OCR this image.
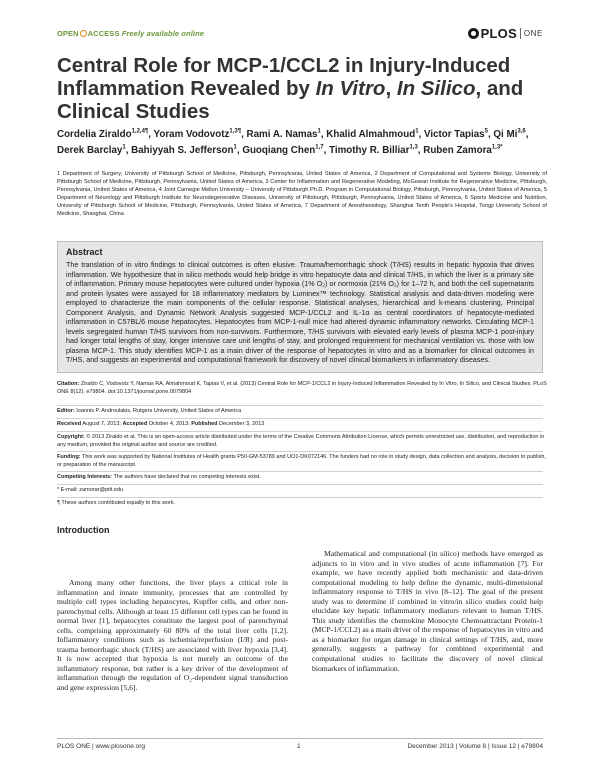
OPEN ACCESS Freely available online	PLOS ONE
Central Role for MCP-1/CCL2 in Injury-Induced Inflammation Revealed by In Vitro, In Silico, and Clinical Studies
Cordelia Ziraldo$^{1,2,4\P}$, Yoram Vodovotz$^{1,3\P}$, Rami A. Namas$^1$, Khalid Almahmoud$^1$, Victor Tapias$^5$, Qi Mi$^{3,6}$, Derek Barclay$^1$, Bahiyyah S. Jefferson$^1$, Guoqiang Chen$^{1,7}$, Timothy R. Billiar$^{1,3}$, Ruben Zamora$^{1,3*}$
1 Department of Surgery, University of Pittsburgh School of Medicine, Pittsburgh, Pennsylvania, United States of America, 2 Department of Computational and Systems Biology, University of Pittsburgh School of Medicine, Pittsburgh, Pennsylvania, United States of America, 3 Center for Inflammation and Regenerative Modeling, McGowan Institute for Regenerative Medicine, Pittsburgh, Pennsylvania, United States of America, 4 Joint Carnegie Mellon University – University of Pittsburgh Ph.D. Program in Computational Biology, Pittsburgh, Pennsylvania, United States of America, 5 Department of Neurology and Pittsburgh Institute for Neurodegenerative Diseases, University of Pittsburgh, Pittsburgh, Pennsylvania, United States of America, 6 Sports Medicine and Nutrition, University of Pittsburgh School of Medicine, Pittsburgh, Pennsylvania, United States of America, 7 Department of Anesthesiology, Shanghai Tenth People's Hospital, Tongji University School of Medicine, Shanghai, China
Abstract
The translation of in vitro findings to clinical outcomes is often elusive. Trauma/hemorrhagic shock (T/HS) results in hepatic hypoxia that drives inflammation. We hypothesize that in silico methods would help bridge in vitro hepatocyte data and clinical T/HS, in which the liver is a primary site of inflammation. Primary mouse hepatocytes were cultured under hypoxia (1% O₂) or normoxia (21% O₂) for 1–72 h, and both the cell supernatants and protein lysates were assayed for 18 inflammatory mediators by Luminex™ technology. Statistical analysis and data-driven modeling were employed to characterize the main components of the cellular response. Statistical analyses, hierarchical and k-means clustering, Principal Component Analysis, and Dynamic Network Analysis suggested MCP-1/CCL2 and IL-1α as central coordinators of hepatocyte-mediated inflammation in C57BL/6 mouse hepatocytes. Hepatocytes from MCP-1-null mice had altered dynamic inflammatory networks. Circulating MCP-1 levels segregated human T/HS survivors from non-survivors. Furthermore, T/HS survivors with elevated early levels of plasma MCP-1 post-injury had longer total lengths of stay, longer intensive care unit lengths of stay, and prolonged requirement for mechanical ventilation vs. those with low plasma MCP-1. This study identifies MCP-1 as a main driver of the response of hepatocytes in vitro and as a biomarker for clinical outcomes in T/HS, and suggests an experimental and computational framework for discovery of novel clinical biomarkers in inflammatory diseases.
Citation: Ziraldo C, Vodovotz Y, Namas RA, Almahmoud K, Tapias V, et al. (2013) Central Role for MCP-1/CCL2 in Injury-Induced Inflammation Revealed by In Vitro, In Silico, and Clinical Studies. PLoS ONE 8(12): e79804. doi:10.1371/journal.pone.0079804
Editor: Ioannis P. Androulakis, Rutgers University, United States of America
Received August 7, 2013; Accepted October 4, 2013; Published December 3, 2013
Copyright: © 2013 Ziraldo et al. This is an open-access article distributed under the terms of the Creative Commons Attribution License, which permits unrestricted use, distribution, and reproduction in any medium, provided the original author and source are credited.
Funding: This work was supported by National Institutes of Health grants P50-GM-53789 and UO1-DK072146. The funders had no role in study design, data collection and analysis, decision to publish, or preparation of the manuscript.
Competing Interests: The authors have declared that no competing interests exist.
* E-mail: zamorar@pitt.edu
¶ These authors contributed equally to this work.
Introduction

Among many other functions, the liver plays a critical role in inflammation and innate immunity, processes that are controlled by multiple cell types including hepatocytes, Kupffer cells, and other non-parenchymal cells. Although at least 15 different cell types can be found in normal liver [1], hepatocytes constitute the largest pool of parenchymal cells, comprising approximately 60 80% of the total liver cells [1,2]. Inflammatory conditions such as ischemia/reperfusion (I/R) and post-trauma hemorrhagic shock (T/HS) are associated with liver hypoxia [3,4]. It is now accepted that hypoxia is not merely an outcome of the inflammatory response, but rather is a key driver of the development of inflammation through the regulation of O₂-dependent signal transduction and gene expression [5,6].

Mathematical and computational (in silico) methods have emerged as adjuncts to in vitro and in vivo studies of acute inflammation [7]. For example, we have recently applied both mechanistic and data-driven computational modeling to help define the dynamic, multi-dimensional inflammatory response to T/HS in vivo [8–12]. The goal of the present study was to determine if combined in vitro/in silico studies could help elucidate key hepatic inflammatory mediators relevant to human T/HS. This study identifies the chemokine Monocyte Chemoattractant Protein-1 (MCP-1/CCL2) as a main driver of the response of hepatocytes in vitro and as a biomarker for organ damage in clinical settings of T/HS, and, more generally, suggests a pathway for combined experimental and computational studies to facilitate the discovery of novel clinical biomarkers of inflammation.

PLOS ONE | www.plosone.org	1	December 2013 | Volume 8 | Issue 12 | e79804
